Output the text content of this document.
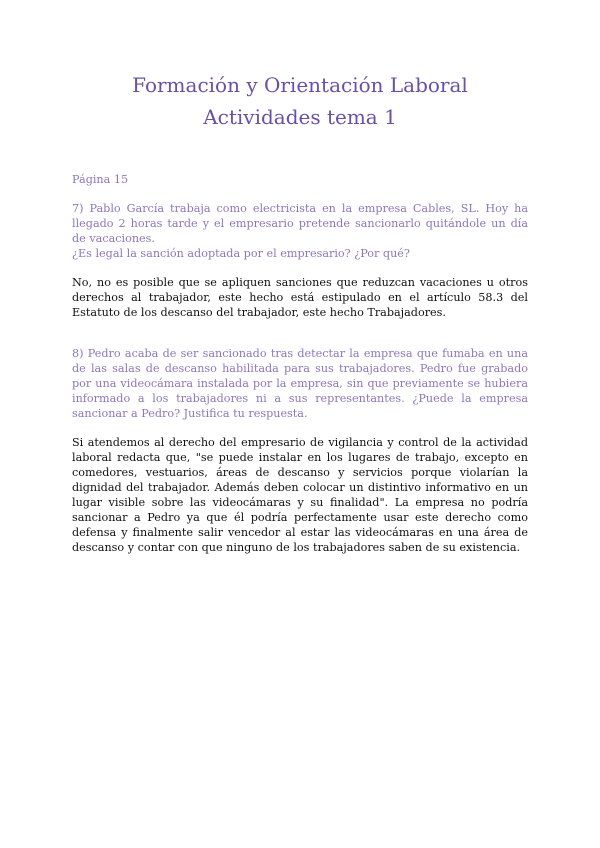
Formación y Orientación Laboral
Actividades tema 1

Página 15

7) Pablo García trabaja como electricista en la empresa Cables, SL. Hoy ha llegado 2 horas tarde y el empresario pretende sancionarlo quitándole un día de vacaciones.
¿Es legal la sanción adoptada por el empresario? ¿Por qué?

No, no es posible que se apliquen sanciones que reduzcan vacaciones u otros derechos al trabajador, este hecho está estipulado en el artículo 58.3 del Estatuto de los descanso del trabajador, este hecho Trabajadores.

8) Pedro acaba de ser sancionado tras detectar la empresa que fumaba en una de las salas de descanso habilitada para sus trabajadores. Pedro fue grabado por una videocámara instalada por la empresa, sin que previamente se hubiera informado a los trabajadores ni a sus representantes. ¿Puede la empresa sancionar a Pedro? Justifica tu respuesta.

Si atendemos al derecho del empresario de vigilancia y control de la actividad laboral redacta que, "se puede instalar en los lugares de trabajo, excepto en comedores, vestuarios, áreas de descanso y servicios porque violarían la dignidad del trabajador. Además deben colocar un distintivo informativo en un lugar visible sobre las videocámaras y su finalidad". La empresa no podría sancionar a Pedro ya que él podría perfectamente usar este derecho como defensa y finalmente salir vencedor al estar las videocámaras en una área de descanso y contar con que ninguno de los trabajadores saben de su existencia.
